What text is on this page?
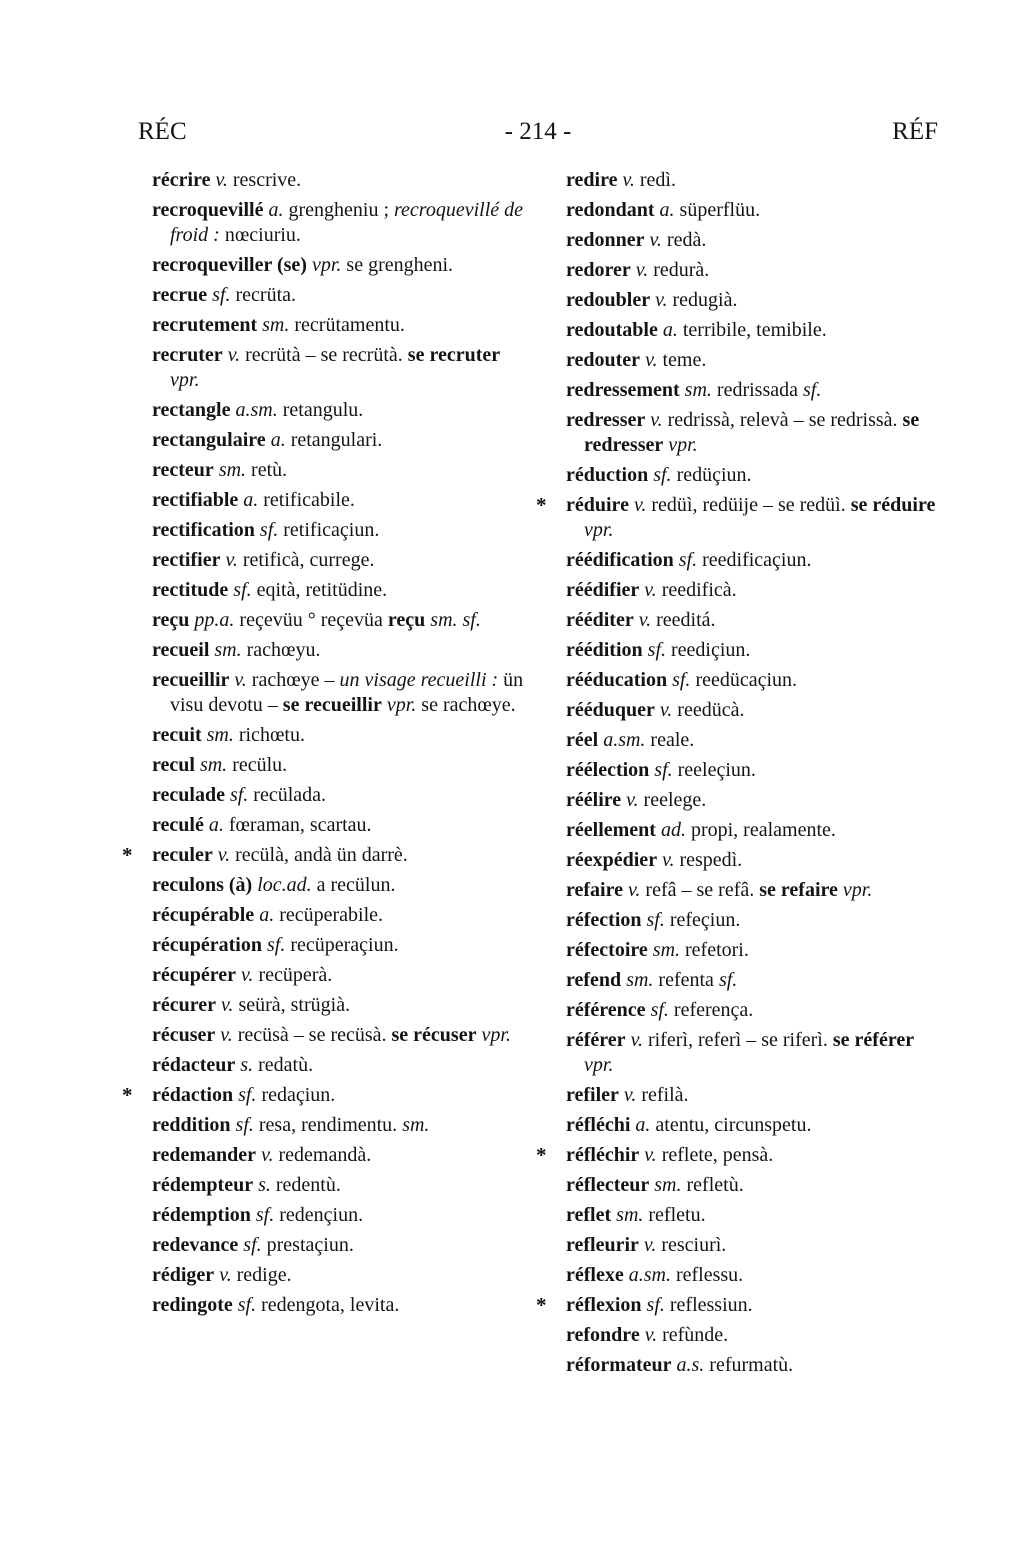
RÉC	- 214 -	RÉF
récrire v. rescrive.
recroquevillé a. grengheniu ; recroquevillé de froid : nœciuriu.
recroqueviller (se) vpr. se grengheni.
recrue sf. recrüta.
recrutement sm. recrütamentu.
recruter v. recrütà – se recrütà. se recruter vpr.
rectangle a.sm. retangulu.
rectangulaire a. retangulari.
recteur sm. retù.
rectifiable a. retificabile.
rectification sf. retificaçiun.
rectifier v. retificà, currege.
rectitude sf. eqità, retitüdine.
reçu pp.a. reçevüu ° reçevüa reçu sm. sf.
recueil sm. rachœyu.
recueillir v. rachœye – un visage recueilli : ün visu devotu – se recueillir vpr. se rachœye.
recuit sm. richœtu.
recul sm. recülu.
reculade sf. recülada.
reculé a. fœraman, scartau.
* reculer v. recülà, andà ün darrè.
reculons (à) loc.ad. a recülun.
récupérable a. recüperabile.
récupération sf. recüperaçiun.
récupérer v. recüperà.
récurer v. seürà, strügià.
récuser v. recüsà – se recüsà. se récuser vpr.
rédacteur s. redatù.
* rédaction sf. redaçiun.
reddition sf. resa, rendimentu. sm.
redemander v. redemandà.
rédempteur s. redentù.
rédemption sf. redençiun.
redevance sf. prestaçiun.
rédiger v. redige.
redingote sf. redengota, levita.
redire v. redì.
redondant a. süperflüu.
redonner v. redà.
redorer v. redurà.
redoubler v. redugià.
redoutable a. terribile, temibile.
redouter v. teme.
redressement sm. redrissada sf.
redresser v. redrissà, relevà – se redrissà. se redresser vpr.
réduction sf. redüçiun.
* réduire v. redüì, redüije – se redüì. se réduire vpr.
réédification sf. reedificaçiun.
réédifier v. reedificà.
rééditer v. reeditá.
réédition sf. reediçiun.
rééducation sf. reedücaçiun.
rééduquer v. reedücà.
réel a.sm. reale.
réélection sf. reeleçiun.
réélire v. reelege.
réellement ad. propi, realamente.
réexpédier v. respedì.
refaire v. refâ – se refâ. se refaire vpr.
réfection sf. refeçiun.
réfectoire sm. refetori.
refend sm. refenta sf.
référence sf. referença.
référer v. riferì, referì – se riferì. se référer vpr.
refiler v. refilà.
réfléchi a. atentu, circunspetu.
* réfléchir v. reflete, pensà.
réflecteur sm. refletù.
reflet sm. refletu.
refleurir v. resciurì.
réflexe a.sm. reflessu.
* réflexion sf. reflessiun.
refondre v. refùnde.
réformateur a.s. refurmatù.
